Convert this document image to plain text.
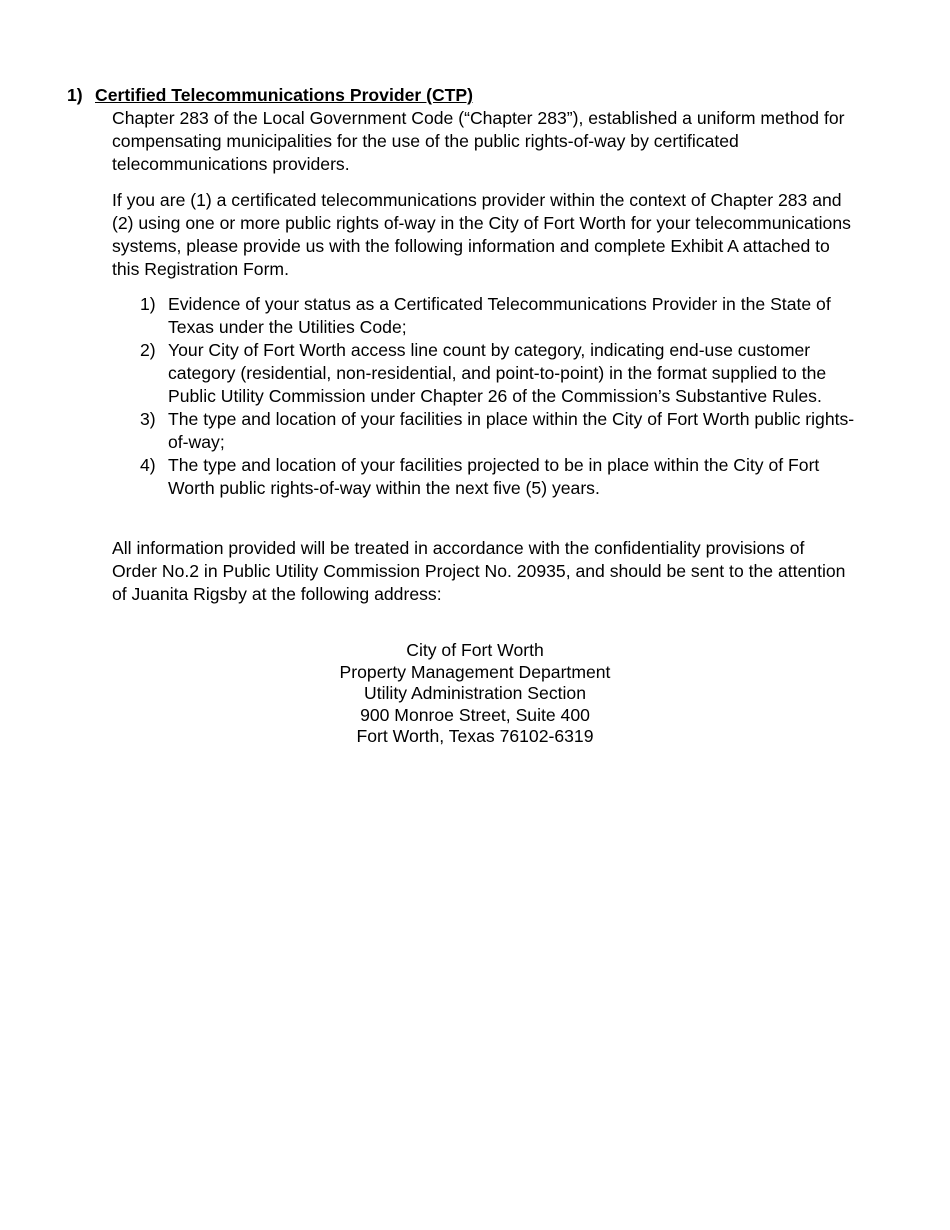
1) Certified Telecommunications Provider (CTP)

Chapter 283 of the Local Government Code (“Chapter 283”), established a uniform method for compensating municipalities for the use of the public rights-of-way by certificated telecommunications providers.

If you are (1) a certificated telecommunications provider within the context of Chapter 283 and (2) using one or more public rights of-way in the City of Fort Worth for your telecommunications systems, please provide us with the following information and complete Exhibit A attached to this Registration Form.

1) Evidence of your status as a Certificated Telecommunications Provider in the State of Texas under the Utilities Code;
2) Your City of Fort Worth access line count by category, indicating end-use customer category (residential, non-residential, and point-to-point) in the format supplied to the Public Utility Commission under Chapter 26 of the Commission’s Substantive Rules.
3) The type and location of your facilities in place within the City of Fort Worth public rights-of-way;
4) The type and location of your facilities projected to be in place within the City of Fort Worth public rights-of-way within the next five (5) years.

All information provided will be treated in accordance with the confidentiality provisions of Order No.2 in Public Utility Commission Project No. 20935, and should be sent to the attention of Juanita Rigsby at the following address:

City of Fort Worth
Property Management Department
Utility Administration Section
900 Monroe Street, Suite 400
Fort Worth, Texas 76102-6319
